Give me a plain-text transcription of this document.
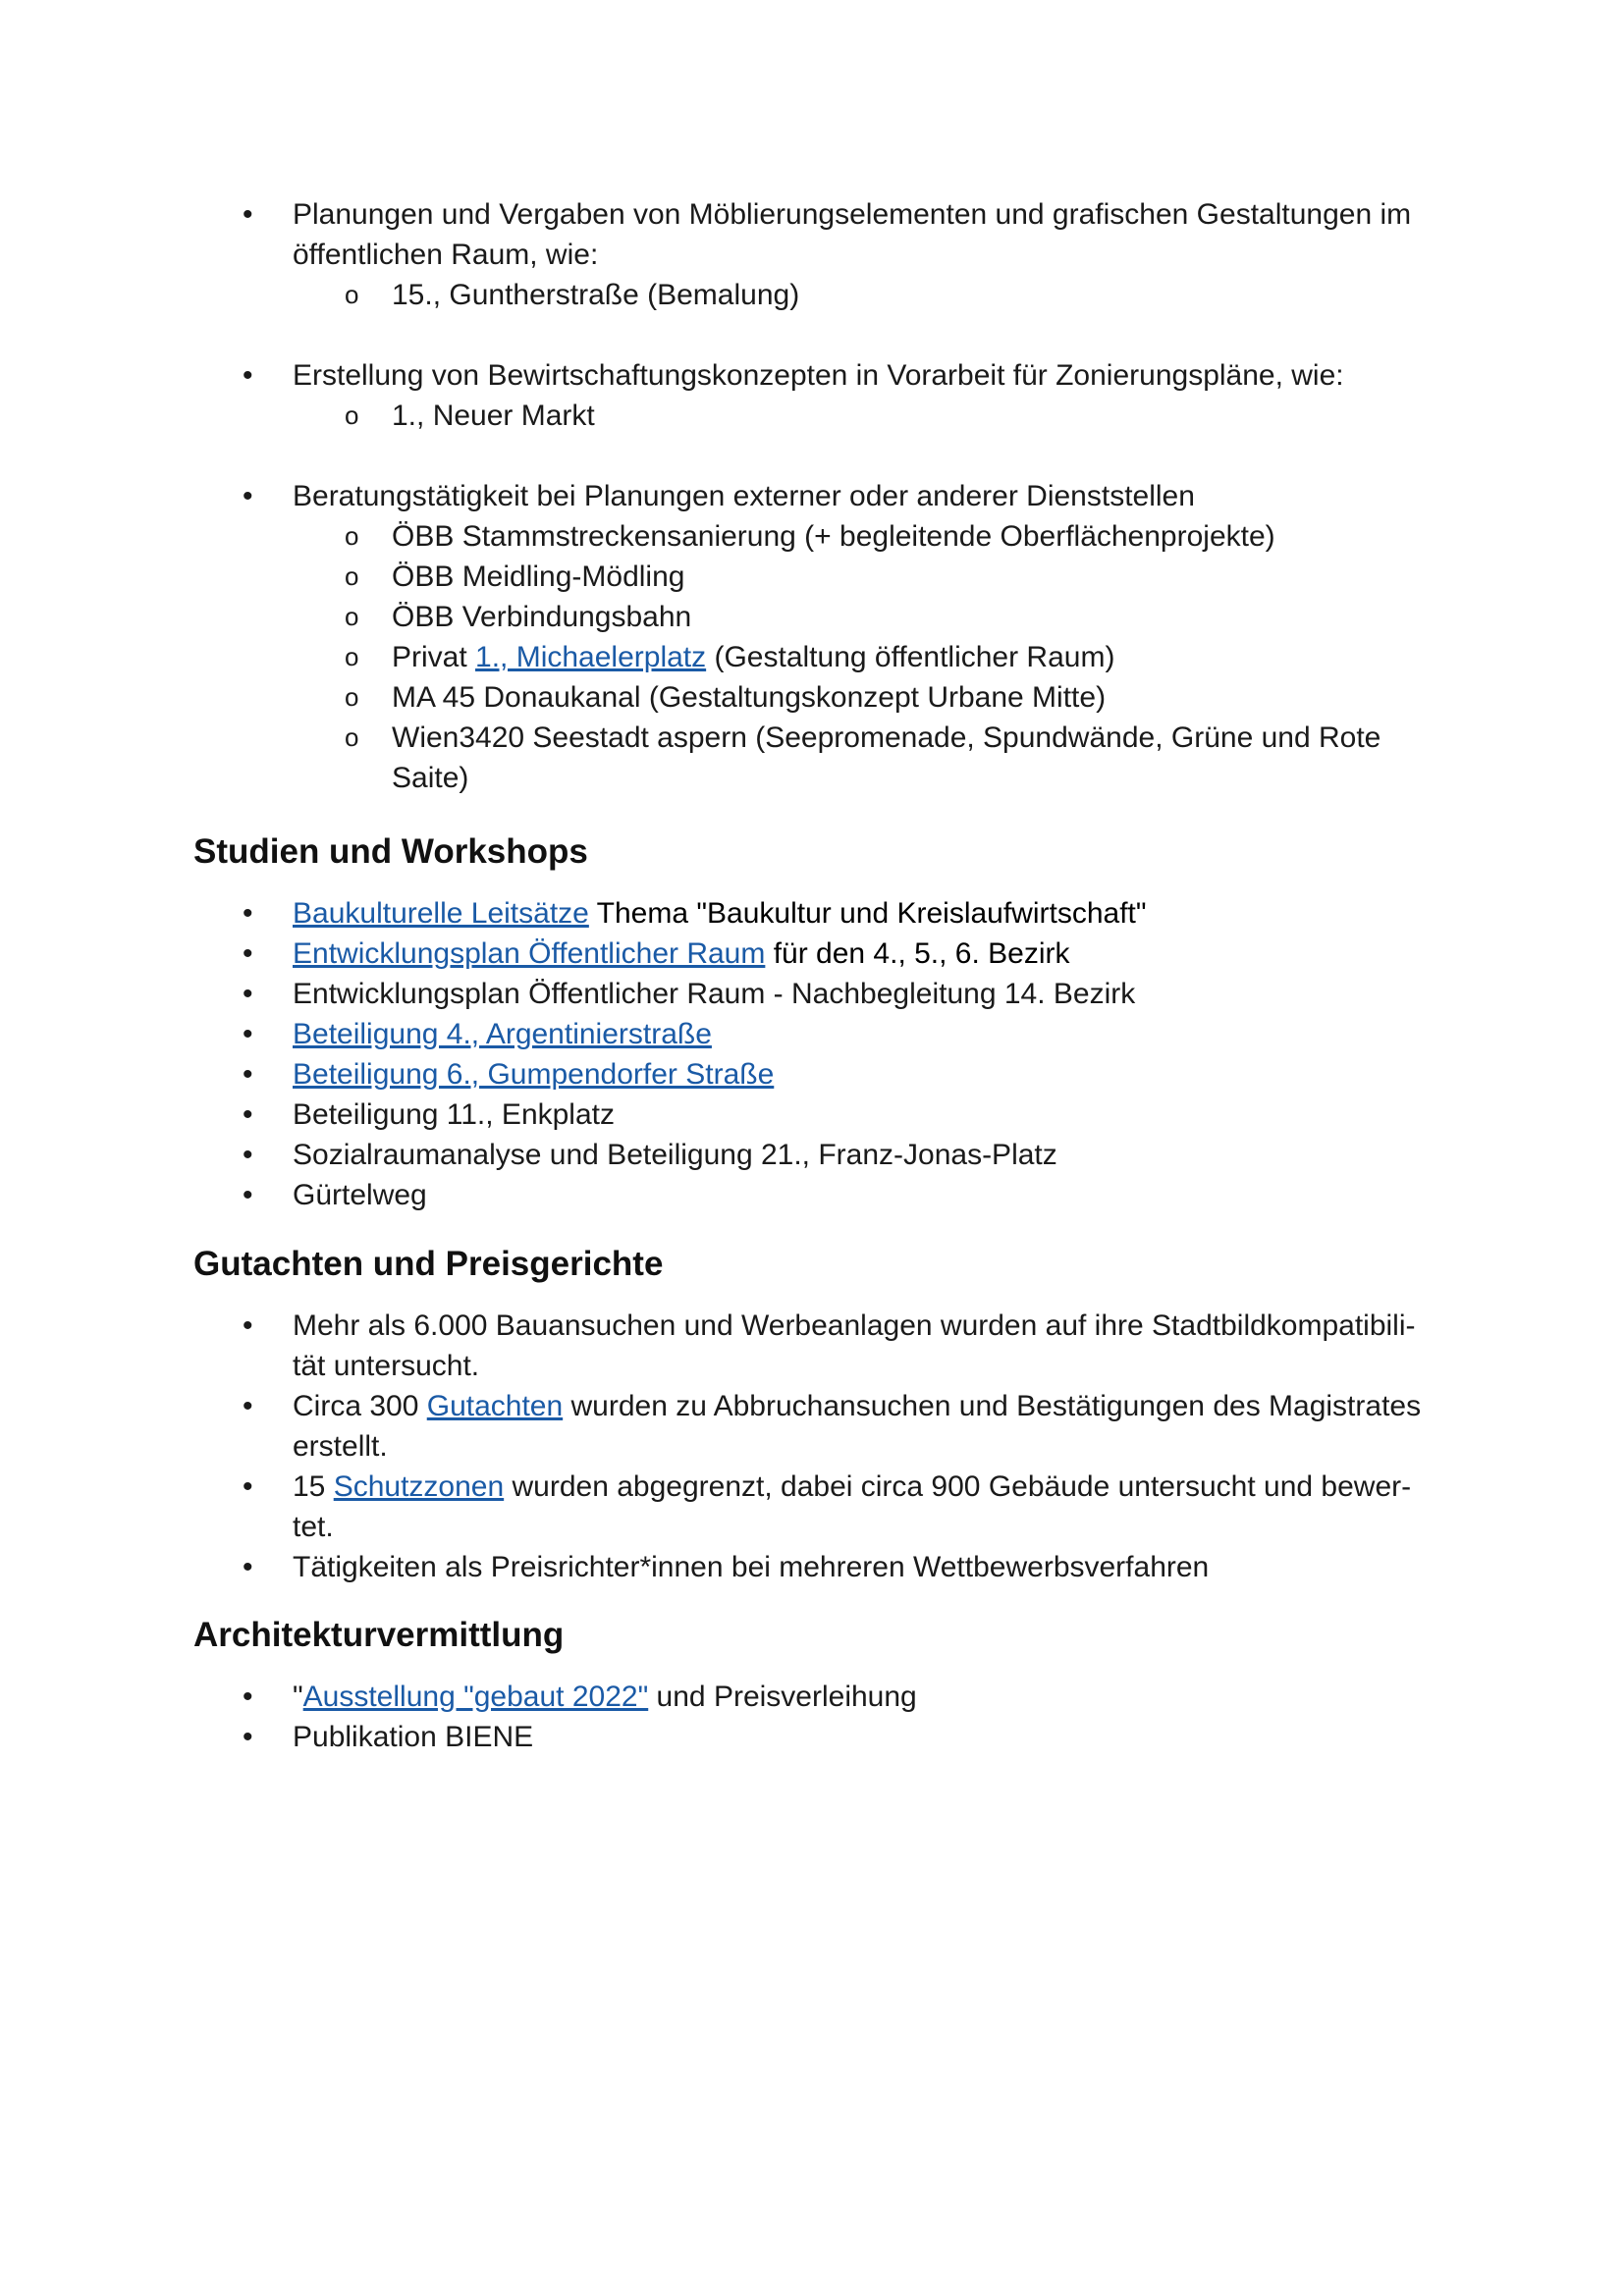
• Planungen und Vergaben von Möblierungselementen und grafischen Gestaltungen im
öffentlichen Raum, wie:
o 15., Guntherstraße (Bemalung)
• Erstellung von Bewirtschaftungskonzepten in Vorarbeit für Zonierungspläne, wie:
o 1., Neuer Markt
• Beratungstätigkeit bei Planungen externer oder anderer Dienststellen
o ÖBB Stammstreckensanierung (+ begleitende Oberflächenprojekte)
o ÖBB Meidling-Mödling
o ÖBB Verbindungsbahn
o Privat 1., Michaelerplatz (Gestaltung öffentlicher Raum)
o MA 45 Donaukanal (Gestaltungskonzept Urbane Mitte)
o Wien3420 Seestadt aspern (Seepromenade, Spundwände, Grüne und Rote
Saite)
Studien und Workshops
• Baukulturelle Leitsätze Thema "Baukultur und Kreislaufwirtschaft"
• Entwicklungsplan Öffentlicher Raum für den 4., 5., 6. Bezirk
• Entwicklungsplan Öffentlicher Raum - Nachbegleitung 14. Bezirk
• Beteiligung 4., Argentinierstraße
• Beteiligung 6., Gumpendorfer Straße
• Beteiligung 11., Enkplatz
• Sozialraumanalyse und Beteiligung 21., Franz-Jonas-Platz
• Gürtelweg
Gutachten und Preisgerichte
• Mehr als 6.000 Bauansuchen und Werbeanlagen wurden auf ihre Stadtbildkompatibili-
tät untersucht.
• Circa 300 Gutachten wurden zu Abbruchansuchen und Bestätigungen des Magistrates
erstellt.
• 15 Schutzzonen wurden abgegrenzt, dabei circa 900 Gebäude untersucht und bewer-
tet.
• Tätigkeiten als Preisrichter*innen bei mehreren Wettbewerbsverfahren
Architekturvermittlung
• "Ausstellung "gebaut 2022" und Preisverleihung
• Publikation BIENE
